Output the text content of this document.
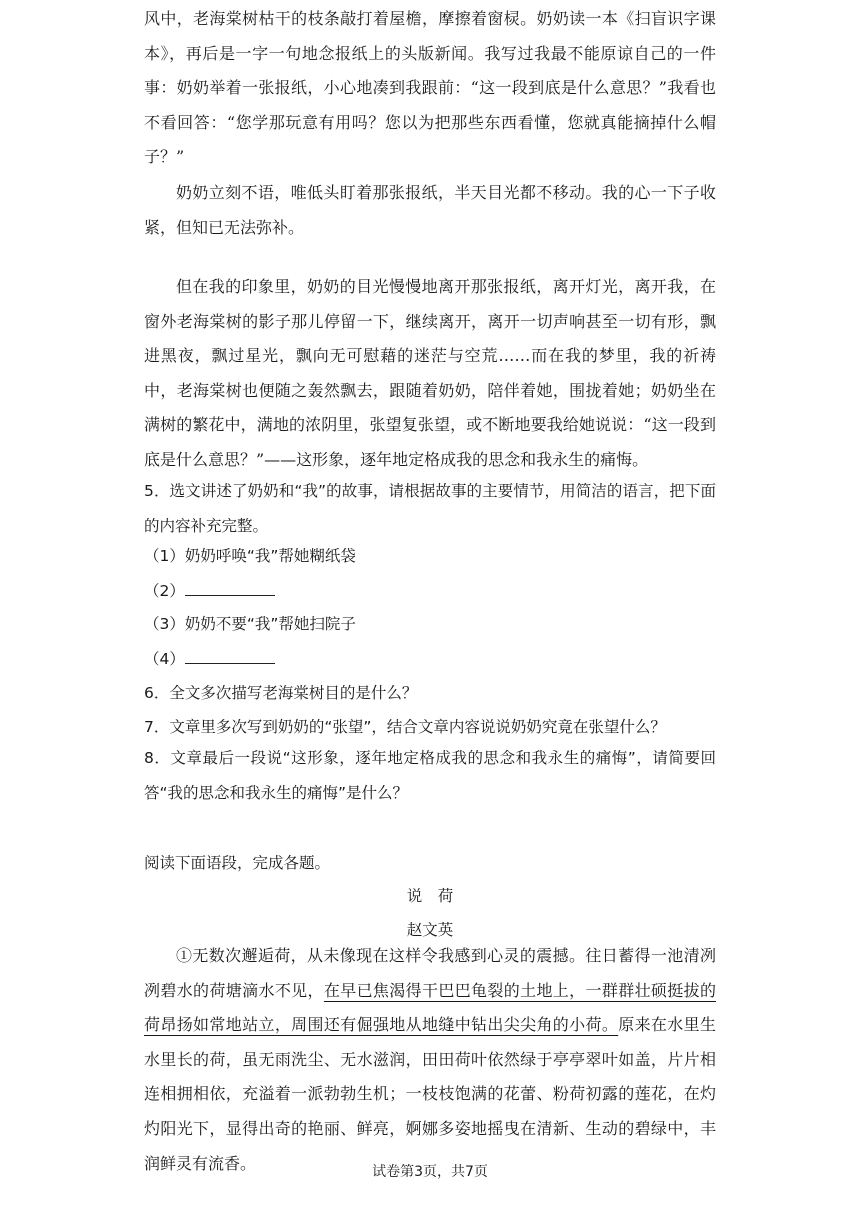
风中，老海棠树枯干的枝条敲打着屋檐，摩擦着窗棂。奶奶读一本《扫盲识字课本》，再后是一字一句地念报纸上的头版新闻。我写过我最不能原谅自己的一件事：奶奶举着一张报纸，小心地凑到我跟前：“这一段到底是什么意思？”我看也不看回答：“您学那玩意有用吗？您以为把那些东西看懂，您就真能摘掉什么帽子？”

奶奶立刻不语，唯低头盯着那张报纸，半天目光都不移动。我的心一下子收紧，但知已无法弥补。

但在我的印象里，奶奶的目光慢慢地离开那张报纸，离开灯光，离开我，在窗外老海棠树的影子那儿停留一下，继续离开，离开一切声响甚至一切有形，飘进黑夜，飘过星光，飘向无可慰藉的迷茫与空荒……而在我的梦里，我的祈祷中，老海棠树也便随之轰然飘去，跟随着奶奶，陪伴着她，围拢着她；奶奶坐在满树的繁花中，满地的浓阴里，张望复张望，或不断地要我给她说说：“这一段到底是什么意思？”——这形象，逐年地定格成我的思念和我永生的痛悔。

5．选文讲述了奶奶和“我”的故事，请根据故事的主要情节，用简洁的语言，把下面的内容补充完整。

（1）奶奶呼唤“我”帮她糊纸袋

（2）

（3）奶奶不要“我”帮她扫院子

（4）

6．全文多次描写老海棠树目的是什么？

7．文章里多次写到奶奶的“张望”，结合文章内容说说奶奶究竟在张望什么？

8．文章最后一段说“这形象，逐年地定格成我的思念和我永生的痛悔”，请简要回答“我的思念和我永生的痛悔”是什么？

阅读下面语段，完成各题。

说　荷

赵文英

①无数次邂逅荷，从未像现在这样令我感到心灵的震撼。往日蓄得一池清冽冽碧水的荷塘滴水不见，在早已焦渴得干巴巴龟裂的土地上，一群群壮硕挺拔的荷昂扬如常地站立，周围还有倔强地从地缝中钻出尖尖角的小荷。原来在水里生水里长的荷，虽无雨洗尘、无水滋润，田田荷叶依然绿于亭亭翠叶如盖，片片相连相拥相依，充溢着一派勃勃生机；一枝枝饱满的花蕾、粉荷初露的莲花，在灼灼阳光下，显得出奇的艳丽、鲜亮，婀娜多姿地摇曳在清新、生动的碧绿中，丰润鲜灵有流香。	试卷第3页，共7页
